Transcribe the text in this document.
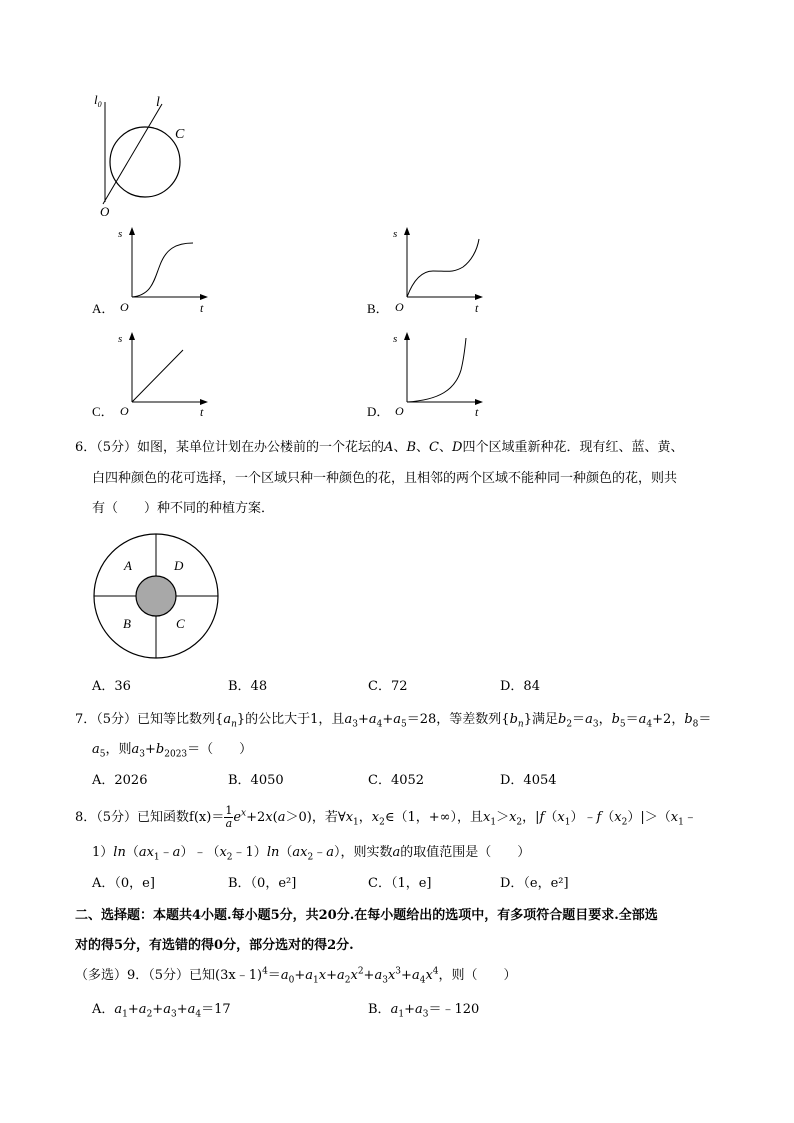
$l_0$	l
C
O
A．
s
O	t	B．
s
O	t
C．
s
O	t	D．
s
O	t
6．（5分）如图，某单位计划在办公楼前的一个花坛的A、B、C、D四个区域重新种花．现有红、蓝、黄、
白四种颜色的花可选择，一个区域只种一种颜色的花，且相邻的两个区域不能种同一种颜色的花，则共
有（　　）种不同的种植方案．
A	D
B	C
A．36	B．48	C．72	D．84
7．（5分）已知等比数列$\{a_n\}$的公比大于1，且$a_3+a_4+a_5=28$，等差数列$\{b_n\}$满足$b_2=a_3$，$b_5=a_4+2$，$b_8=$
$a_5$，则$a_3+b_{2023}=$（　　）
A．2026	B．4050	C．4052	D．4054
8．（5分）已知函数$f(x)= \frac{1}{a} e^x+2x(a>0)$，若$\forall x_1$，$x_2\in(1$，+∞），且$x_1>x_2$，$|f(x_1)﹣f(x_2)|>(x_1﹣$
$1)\ln(ax_1﹣a)﹣(x_2﹣1)\ln(ax_2﹣a)$，则实数a的取值范围是（　　）
A．（0，e]	B．（0，e²]	C．（1，e]	D．（e，e²]
二、选择题：本题共4小题.每小题5分，共20分.在每小题给出的选项中，有多项符合题目要求.全部选
对的得5分，有选错的得0分，部分选对的得2分.
（多选）9．（5分）已知$(3x﹣1)^4=a_0+a_1x+a_2x^2+a_3x^3+a_4x^4$，则（　　）
A．$a_1+a_2+a_3+a_4=17$	B．$a_1+a_3=﹣120$
